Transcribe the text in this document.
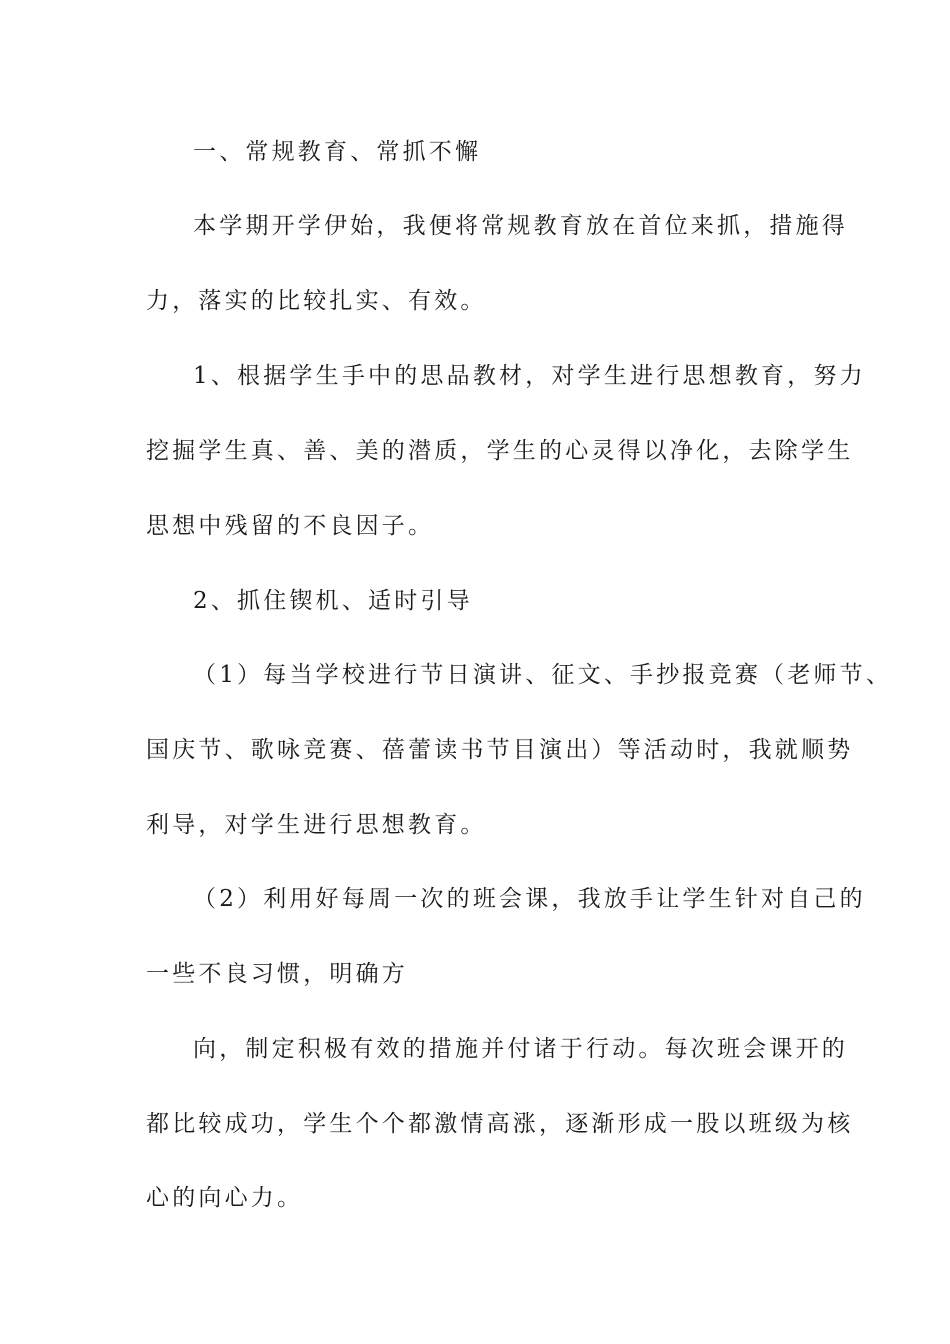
一、常规教育、常抓不懈
本学期开学伊始，我便将常规教育放在首位来抓，措施得
力，落实的比较扎实、有效。
1、根据学生手中的思品教材，对学生进行思想教育，努力
挖掘学生真、善、美的潜质，学生的心灵得以净化，去除学生
思想中残留的不良因子。
2、抓住锲机、适时引导
（1）每当学校进行节日演讲、征文、手抄报竞赛（老师节、
国庆节、歌咏竞赛、蓓蕾读书节目演出）等活动时，我就顺势
利导，对学生进行思想教育。
（2）利用好每周一次的班会课，我放手让学生针对自己的
一些不良习惯，明确方
向，制定积极有效的措施并付诸于行动。每次班会课开的
都比较成功，学生个个都激情高涨，逐渐形成一股以班级为核
心的向心力。
